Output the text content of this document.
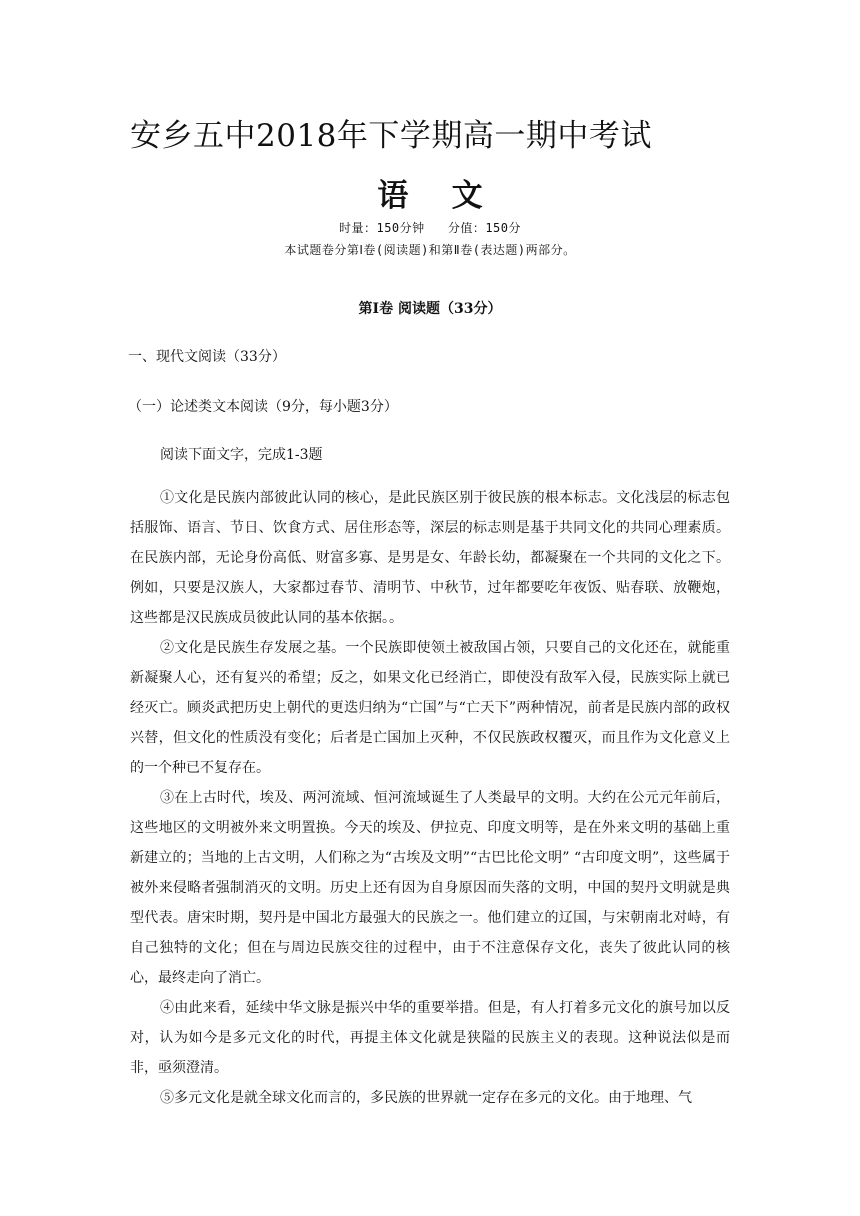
安乡五中2018年下学期高一期中考试
语    文
时量：150分钟   分值：150分
本试题卷分第Ⅰ卷(阅读题)和第Ⅱ卷(表达题)两部分。
第Ⅰ卷 阅读题（33分）
一、现代文阅读（33分）
（一）论述类文本阅读（9分，每小题3分）
阅读下面文字，完成1-3题

①文化是民族内部彼此认同的核心，是此民族区别于彼民族的根本标志。文化浅层的标志包括服饰、语言、节日、饮食方式、居住形态等，深层的标志则是基于共同文化的共同心理素质。在民族内部，无论身份高低、财富多寡、是男是女、年龄长幼，都凝聚在一个共同的文化之下。例如，只要是汉族人，大家都过春节、清明节、中秋节，过年都要吃年夜饭、贴春联、放鞭炮，这些都是汉民族成员彼此认同的基本依据。。

②文化是民族生存发展之基。一个民族即使领土被敌国占领，只要自己的文化还在，就能重新凝聚人心，还有复兴的希望；反之，如果文化已经消亡，即使没有敌军入侵，民族实际上就已经灭亡。顾炎武把历史上朝代的更迭归纳为“亡国”与“亡天下”两种情况，前者是民族内部的政权兴替，但文化的性质没有变化；后者是亡国加上灭种，不仅民族政权覆灭，而且作为文化意义上的一个种已不复存在。

③在上古时代，埃及、两河流域、恒河流域诞生了人类最早的文明。大约在公元元年前后，这些地区的文明被外来文明置换。今天的埃及、伊拉克、印度文明等，是在外来文明的基础上重新建立的；当地的上古文明，人们称之为“古埃及文明”“古巴比伦文明” “古印度文明”，这些属于被外来侵略者强制消灭的文明。历史上还有因为自身原因而失落的文明，中国的契丹文明就是典型代表。唐宋时期，契丹是中国北方最强大的民族之一。他们建立的辽国，与宋朝南北对峙，有自己独特的文化；但在与周边民族交往的过程中，由于不注意保存文化，丧失了彼此认同的核心，最终走向了消亡。

④由此来看，延续中华文脉是振兴中华的重要举措。但是，有人打着多元文化的旗号加以反对，认为如今是多元文化的时代，再提主体文化就是狭隘的民族主义的表现。这种说法似是而非，亟须澄清。

⑤多元文化是就全球文化而言的，多民族的世界就一定存在多元的文化。由于地理、气
